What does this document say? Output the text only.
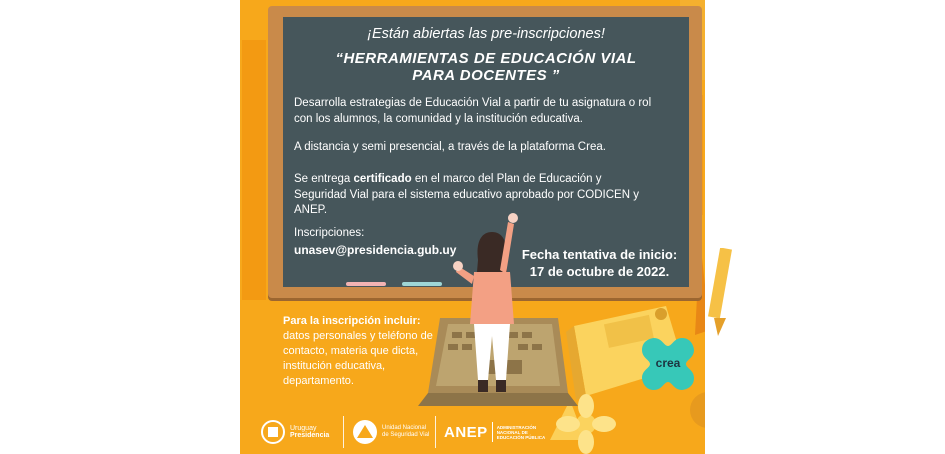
¡Están abiertas las pre-inscripciones!
“HERRAMIENTAS DE EDUCACIÓN VIAL
PARA DOCENTES ”
Desarrolla estrategias de Educación Vial a partir de tu asignatura o rol
con los alumnos, la comunidad y la institución educativa.
A distancia y semi presencial, a través de la plataforma Crea.
Se entrega certificado en el marco del Plan de Educación y
Seguridad Vial para el sistema educativo aprobado por CODICEN y
ANEP.
Inscripciones:
unasev@presidencia.gub.uy	Fecha tentativa de inicio:
17 de octubre de 2022.
Para la inscripción incluir:
datos personales y teléfono de
contacto, materia que dicta,
institución educativa,
departamento.
crea
Uruguay
Presidencia
Unidad Nacional
de Seguridad Vial ANEP ADMINISTRACIÓN
NACIONAL DE
EDUCACIÓN PÚBLICA
